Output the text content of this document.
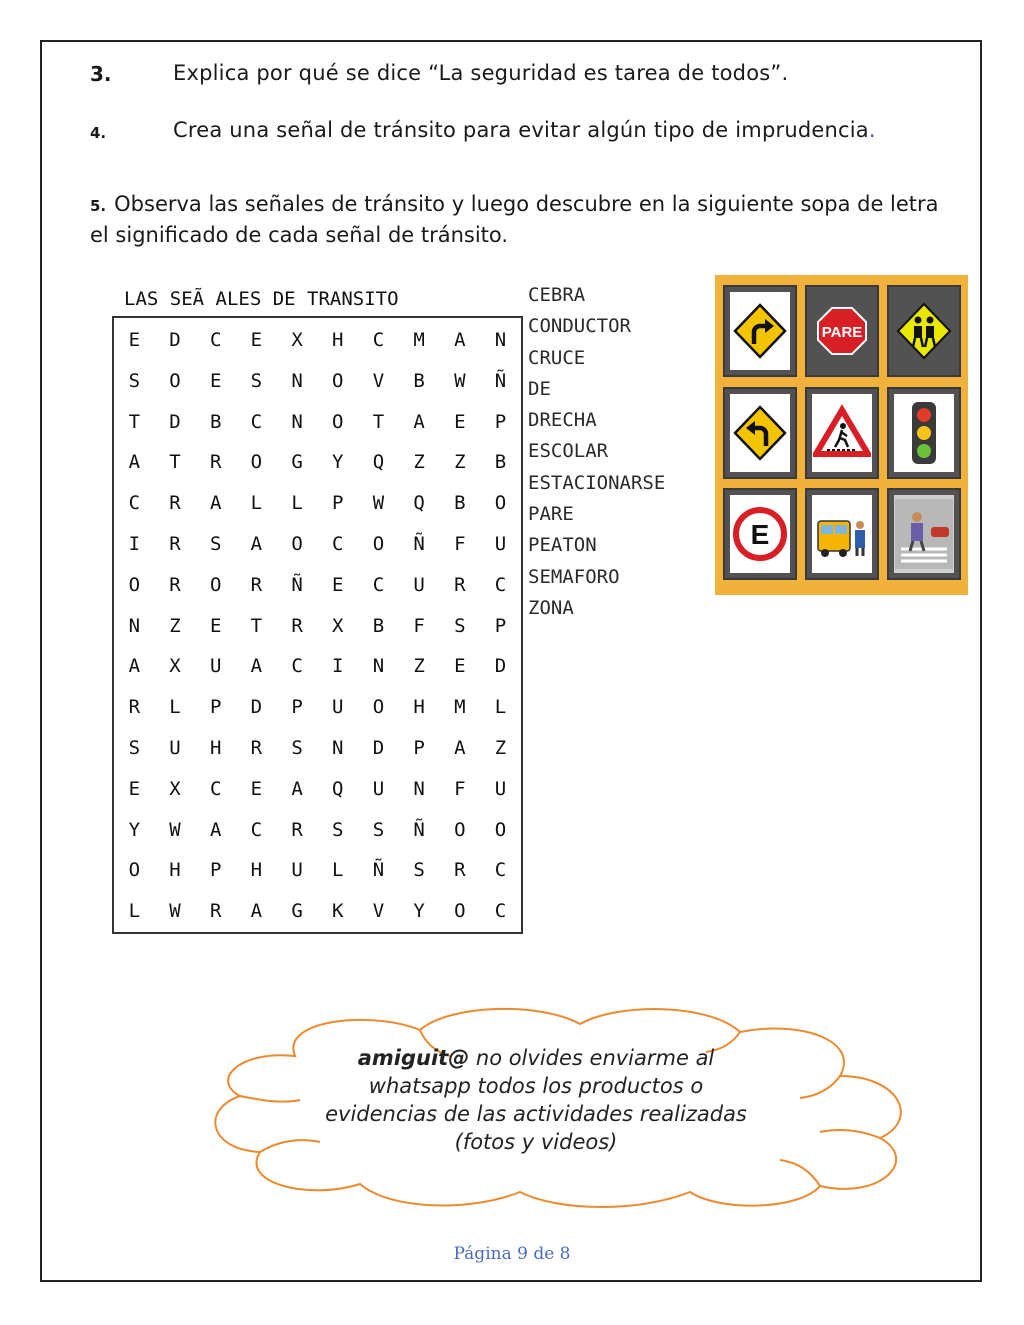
3.	Explica por qué se dice “La seguridad es tarea de todos”.
4.	Crea una señal de tránsito para evitar algún tipo de imprudencia.
5. Observa las señales de tránsito y luego descubre en la siguiente sopa de letra el significado de cada señal de tránsito.
LAS SEÃ ALES DE TRANSITO
E	D	C	E	X	H	C	M	A	N
S	O	E	S	N	O	V	B	W	Ñ
T	D	B	C	N	O	T	A	E	P
A	T	R	O	G	Y	Q	Z	Z	B
C	R	A	L	L	P	W	Q	B	O
I	R	S	A	O	C	O	Ñ	F	U
O	R	O	R	Ñ	E	C	U	R	C
N	Z	E	T	R	X	B	F	S	P
A	X	U	A	C	I	N	Z	E	D
R	L	P	D	P	U	O	H	M	L
S	U	H	R	S	N	D	P	A	Z
E	X	C	E	A	Q	U	N	F	U
Y	W	A	C	R	S	S	Ñ	O	O
O	H	P	H	U	L	Ñ	S	R	C
L	W	R	A	G	K	V	Y	O	C
CEBRA
CONDUCTOR
CRUCE
DE
DRECHA
ESCOLAR
ESTACIONARSE
PARE
PEATON
SEMAFORO
ZONA
PARE
E
amiguit@ no olvides enviarme al whatsapp todos los productos o evidencias de las actividades realizadas (fotos y videos)
Página 9 de 8
